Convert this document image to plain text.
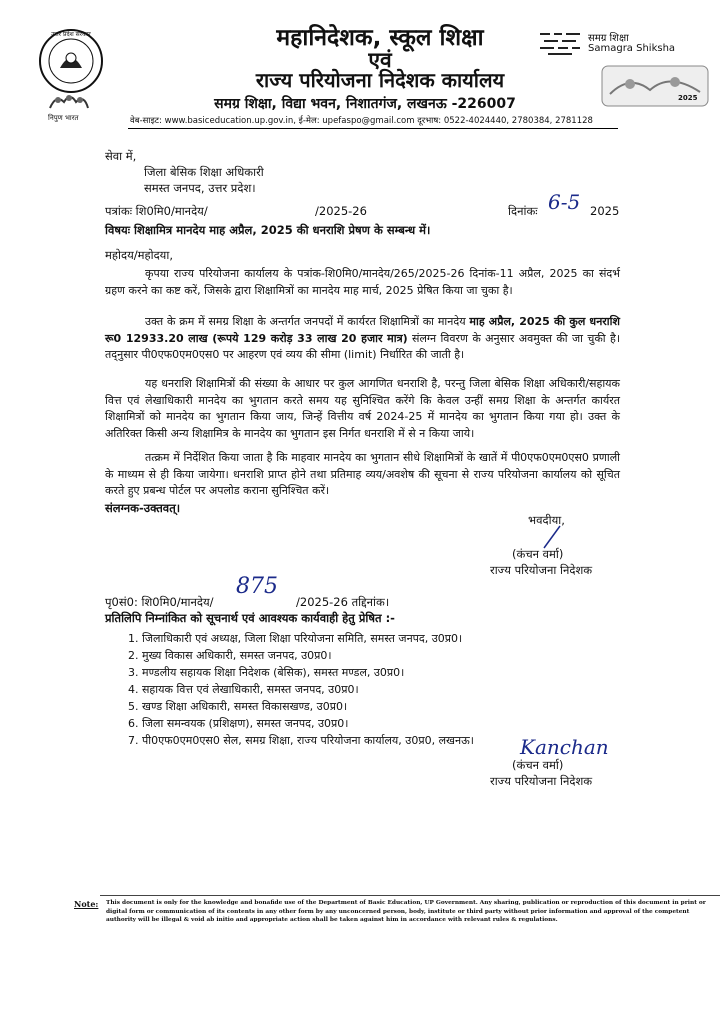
उत्तर प्रदेश सरकार
निपुण भारत
महानिदेशक, स्कूल शिक्षा
एवं
राज्य परियोजना निदेशक कार्यालय
समग्र शिक्षा, विद्या भवन, निशातगंज, लखनऊ -226007
वेब-साइट: www.basiceducation.up.gov.in, ई-मेल: upefaspo@gmail.com दूरभाष: 0522-4024440, 2780384, 2781128
समग्र शिक्षा
Samagra Shiksha
2025
सेवा में,
जिला बेसिक शिक्षा अधिकारी
समस्त जनपद, उत्तर प्रदेश।
पत्रांकः शि0मि0/मानदेय/	/2025-26	दिनांकः 6-5 2025
विषयः शिक्षामित्र मानदेय माह अप्रैल, 2025 की धनराशि प्रेषण के सम्बन्ध में।
महोदय/महोदया,
कृपया राज्य परियोजना कार्यालय के पत्रांक-शि0मि0/मानदेय/265/2025-26 दिनांक-11 अप्रैल, 2025 का संदर्भ ग्रहण करने का कष्ट करें, जिसके द्वारा शिक्षामित्रों का मानदेय माह मार्च, 2025 प्रेषित किया जा चुका है।
उक्त के क्रम में समग्र शिक्षा के अन्तर्गत जनपदों में कार्यरत शिक्षामित्रों का मानदेय माह अप्रैल, 2025 की कुल धनराशि रू0 12933.20 लाख (रूपये 129 करोड़ 33 लाख 20 हजार मात्र) संलग्न विवरण के अनुसार अवमुक्त की जा चुकी है। तद्नुसार पी0एफ0एम0एस0 पर आहरण एवं व्यय की सीमा (limit) निर्धारित की जाती है।
यह धनराशि शिक्षामित्रों की संख्या के आधार पर कुल आगणित धनराशि है, परन्तु जिला बेसिक शिक्षा अधिकारी/सहायक वित्त एवं लेखाधिकारी मानदेय का भुगतान करते समय यह सुनिश्चित करेंगे कि केवल उन्हीं समग्र शिक्षा के अन्तर्गत कार्यरत शिक्षामित्रों को मानदेय का भुगतान किया जाय, जिन्हें वित्तीय वर्ष 2024-25 में मानदेय का भुगतान किया गया हो। उक्त के अतिरिक्त किसी अन्य शिक्षामित्र के मानदेय का भुगतान इस निर्गत धनराशि में से न किया जाये।
तत्क्रम में निर्देशित किया जाता है कि माहवार मानदेय का भुगतान सीधे शिक्षामित्रों के खातें में पी0एफ0एम0एस0 प्रणाली के माध्यम से ही किया जायेगा। धनराशि प्राप्त होने तथा प्रतिमाह व्यय/अवशेष की सूचना से राज्य परियोजना कार्यालय को सूचित करते हुए प्रबन्ध पोर्टल पर अपलोड कराना सुनिश्चित करें।
संलग्नक-उक्तवत्।
भवदीया,
(कंचन वर्मा)
राज्य परियोजना निदेशक
पृ0सं0: शि0मि0/मानदेय/
875
/2025-26 तद्दिनांक।
प्रतिलिपि निम्नांकित को सूचनार्थ एवं आवश्यक कार्यवाही हेतु प्रेषित :-
1. जिलाधिकारी एवं अध्यक्ष, जिला शिक्षा परियोजना समिति, समस्त जनपद, उ0प्र0।
2. मुख्य विकास अधिकारी, समस्त जनपद, उ0प्र0।
3. मण्डलीय सहायक शिक्षा निदेशक (बेसिक), समस्त मण्डल, उ0प्र0।
4. सहायक वित्त एवं लेखाधिकारी, समस्त जनपद, उ0प्र0।
5. खण्ड शिक्षा अधिकारी, समस्त विकासखण्ड, उ0प्र0।
6. जिला समन्वयक (प्रशिक्षण), समस्त जनपद, उ0प्र0।
7. पी0एफ0एम0एस0 सेल, समग्र शिक्षा, राज्य परियोजना कार्यालय, उ0प्र0, लखनऊ।	Kanchan
(कंचन वर्मा)
राज्य परियोजना निदेशक
Note: This document is only for the knowledge and bonafide use of the Department of Basic Education, UP Government. Any sharing, publication or reproduction of this document in print or digital form or communication of its contents in any other form by any unconcerned person, body, institute or third party without prior information and approval of the competent authority will be illegal & void ab initio and appropriate action shall be taken against him in accordance with relevant rules & regulations.
